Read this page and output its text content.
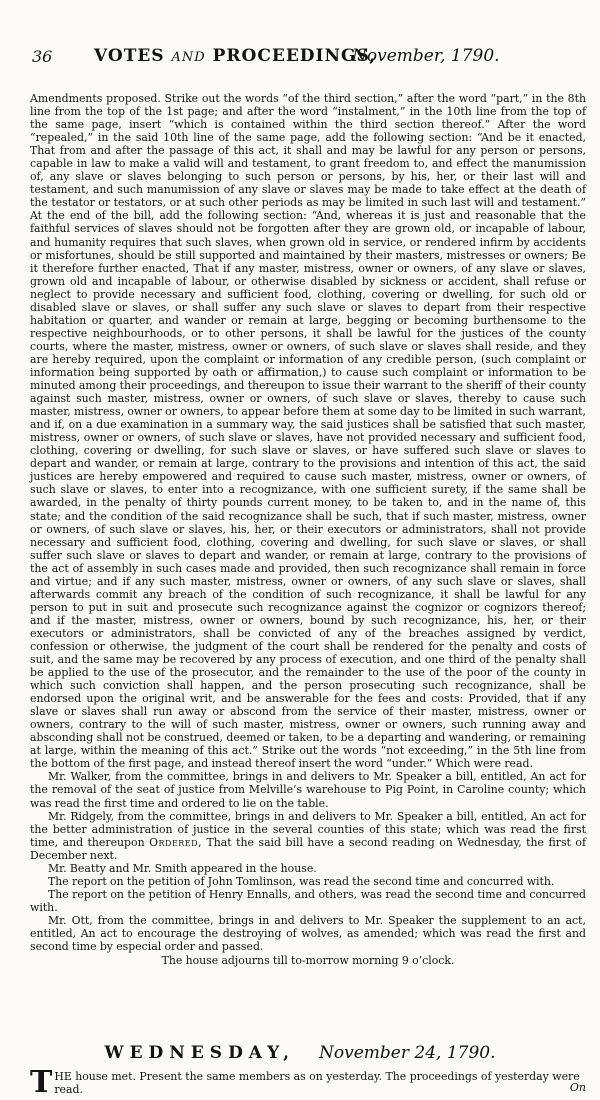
36 VOTES AND PROCEEDINGS,
November, 1790.

Amendments proposed. Strike out the words “of the third section,” after the word “part,” in the 8th line from the top of the 1st page; and after the word “instalment,” in the 10th line from the top of the same page, insert “which is contained within the third section thereof.” After the word “repealed,” in the said 10th line of the same page, add the following section: “And be it enacted, That from and after the passage of this act, it shall and may be lawful for any person or persons, capable in law to make a valid will and testament, to grant freedom to, and effect the manumission of, any slave or slaves belonging to such person or persons, by his, her, or their last will and testament, and such manumission of any slave or slaves may be made to take effect at the death of the testator or testators, or at such other periods as may be limited in such last will and testament.” At the end of the bill, add the following section: “And, whereas it is just and reasonable that the faithful services of slaves should not be forgotten after they are grown old, or incapable of labour, and humanity requires that such slaves, when grown old in service, or rendered infirm by accidents or misfortunes, should be still supported and maintained by their masters, mistresses or owners; Be it therefore further enacted, That if any master, mistress, owner or owners, of any slave or slaves, grown old and incapable of labour, or otherwise disabled by sickness or accident, shall refuse or neglect to provide necessary and sufficient food, clothing, covering or dwelling, for such old or disabled slave or slaves, or shall suffer any such slave or slaves to depart from their respective habitation or quarter, and wander or remain at large, begging or becoming burthensome to the respective neighbourhoods, or to other persons, it shall be lawful for the justices of the county courts, where the master, mistress, owner or owners, of such slave or slaves shall reside, and they are hereby required, upon the complaint or information of any credible person, (such complaint or information being supported by oath or affirmation,) to cause such complaint or information to be minuted among their proceedings, and thereupon to issue their warrant to the sheriff of their county against such master, mistress, owner or owners, of such slave or slaves, thereby to cause such master, mistress, owner or owners, to appear before them at some day to be limited in such warrant, and if, on a due examination in a summary way, the said justices shall be satisfied that such master, mistress, owner or owners, of such slave or slaves, have not provided necessary and sufficient food, clothing, covering or dwelling, for such slave or slaves, or have suffered such slave or slaves to depart and wander, or remain at large, contrary to the provisions and intention of this act, the said justices are hereby empowered and required to cause such master, mistress, owner or owners, of such slave or slaves, to enter into a recognizance, with one sufficient surety, if the same shall be awarded, in the penalty of thirty pounds current money, to be taken to, and in the name of, this state; and the condition of the said recognizance shall be such, that if such master, mistress, owner or owners, of such slave or slaves, his, her, or their executors or administrators, shall not provide necessary and sufficient food, clothing, covering and dwelling, for such slave or slaves, or shall suffer such slave or slaves to depart and wander, or remain at large, contrary to the provisions of the act of assembly in such cases made and provided, then such recognizance shall remain in force and virtue; and if any such master, mistress, owner or owners, of any such slave or slaves, shall afterwards commit any breach of the condition of such recognizance, it shall be lawful for any person to put in suit and prosecute such recognizance against the cognizor or cognizors thereof; and if the master, mistress, owner or owners, bound by such recognizance, his, her, or their executors or administrators, shall be convicted of any of the breaches assigned by verdict, confession or otherwise, the judgment of the court shall be rendered for the penalty and costs of suit, and the same may be recovered by any process of execution, and one third of the penalty shall be applied to the use of the prosecutor, and the remainder to the use of the poor of the county in which such conviction shall happen, and the person prosecuting such recognizance, shall be endorsed upon the original writ, and be answerable for the fees and costs: Provided, that if any slave or slaves shall run away or abscond from the service of their master, mistress, owner or owners, contrary to the will of such master, mistress, owner or owners, such running away and absconding shall not be construed, deemed or taken, to be a departing and wandering, or remaining at large, within the meaning of this act.” Strike out the words “not exceeding,” in the 5th line from the bottom of the first page, and instead thereof insert the word “under.” Which were read.

Mr. Walker, from the committee, brings in and delivers to Mr. Speaker a bill, entitled, An act for the removal of the seat of justice from Melville’s warehouse to Pig Point, in Caroline county; which was read the first time and ordered to lie on the table.

Mr. Ridgely, from the committee, brings in and delivers to Mr. Speaker a bill, entitled, An act for the better administration of justice in the several counties of this state; which was read the first time, and thereupon Ordered, That the said bill have a second reading on Wednesday, the first of December next.

Mr. Beatty and Mr. Smith appeared in the house.

The report on the petition of John Tomlinson, was read the second time and concurred with.

The report on the petition of Henry Ennalls, and others, was read the second time and concurred with.

Mr. Ott, from the committee, brings in and delivers to Mr. Speaker the supplement to an act, entitled, An act to encourage the destroying of wolves, as amended; which was read the first and second time by especial order and passed.

The house adjourns till to-morrow morning 9 o’clock.

WEDNESDAY, November 24, 1790.
THE house met. Present the same members as on yesterday. The proceedings of yesterday were read.	On
